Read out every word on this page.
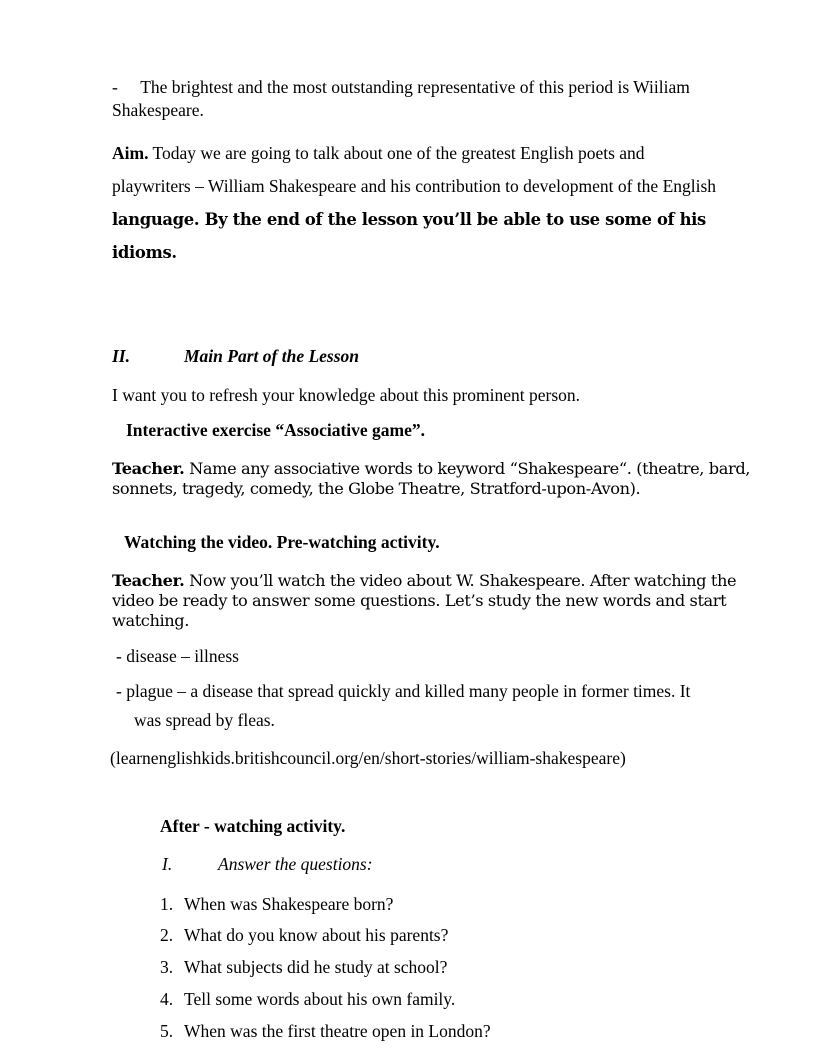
- The brightest and the most outstanding representative of this period is Wiiliam Shakespeare.

Aim. Today we are going to talk about one of the greatest English poets and
playwriters – William Shakespeare and his contribution to development of the English
language. By the end of the lesson you’ll be able to use some of his idioms.

II.	Main Part of the Lesson

I want you to refresh your knowledge about this prominent person.

Interactive exercise “Associative game”.

Teacher. Name any associative words to keyword “Shakespeare“. (theatre, bard, sonnets, tragedy, comedy, the Globe Theatre, Stratford-upon-Avon).

Watching the video. Pre-watching activity.

Teacher. Now you’ll watch the video about W. Shakespeare. After watching the video be ready to answer some questions. Let’s study the new words and start watching.

- disease – illness

- plague – a disease that spread quickly and killed many people in former times. It
was spread by fleas.

(learnenglishkids.britishcouncil.org/en/short-stories/william-shakespeare)

After - watching activity.

I.	Answer the questions:

1. When was Shakespeare born?
2. What do you know about his parents?
3. What subjects did he study at school?
4. Tell some words about his own family.
5. When was the first theatre open in London?
